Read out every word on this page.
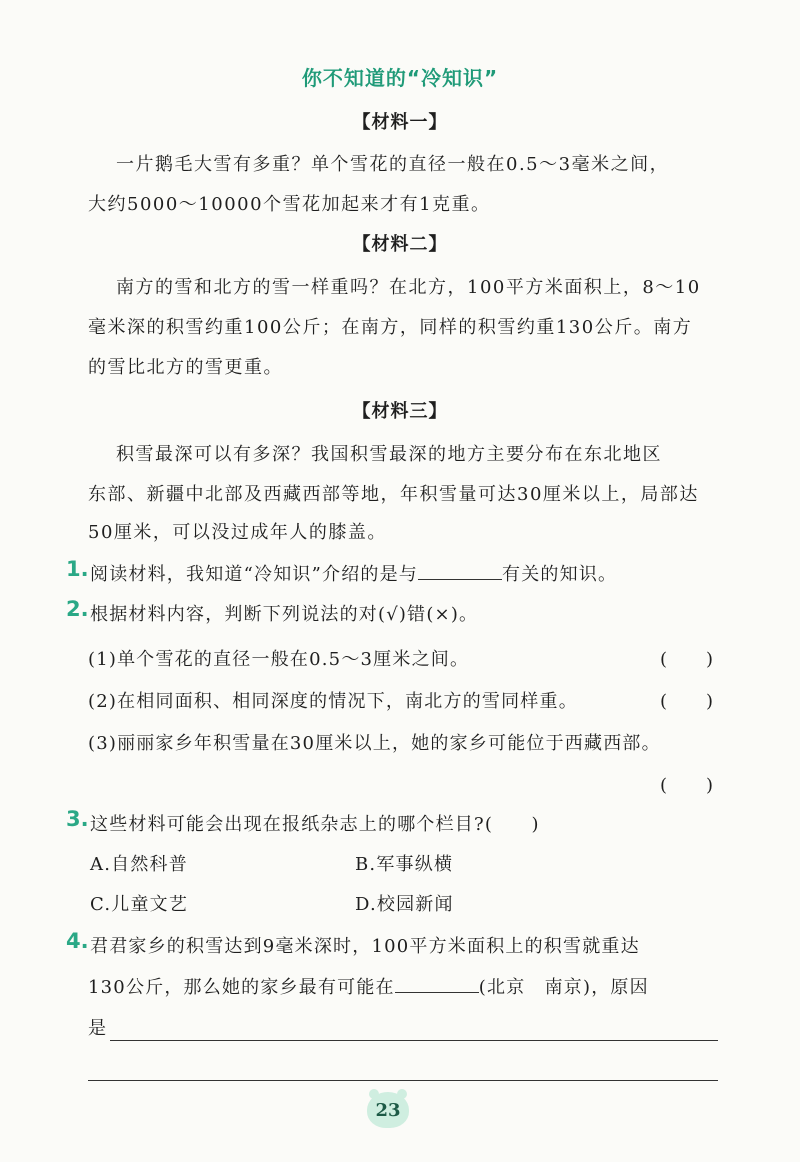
你不知道的“冷知识”
【材料一】
一片鹅毛大雪有多重？单个雪花的直径一般在0.5～3毫米之间，
大约5000～10000个雪花加起来才有1克重。
【材料二】
南方的雪和北方的雪一样重吗？在北方，100平方米面积上，8～10
毫米深的积雪约重100公斤；在南方，同样的积雪约重130公斤。南方
的雪比北方的雪更重。
【材料三】
积雪最深可以有多深？我国积雪最深的地方主要分布在东北地区
东部、新疆中北部及西藏西部等地，年积雪量可达30厘米以上，局部达
50厘米，可以没过成年人的膝盖。
1. 阅读材料，我知道“冷知识”介绍的是与	有关的知识。
2. 根据材料内容，判断下列说法的对(√)错(×)。
(1)单个雪花的直径一般在0.5～3厘米之间。	(　　)
(2)在相同面积、相同深度的情况下，南北方的雪同样重。	(　　)
(3)丽丽家乡年积雪量在30厘米以上，她的家乡可能位于西藏西部。
(　　)
3. 这些材料可能会出现在报纸杂志上的哪个栏目?(　　)
A.自然科普	B.军事纵横
C.儿童文艺	D.校园新闻
4. 君君家乡的积雪达到9毫米深时，100平方米面积上的积雪就重达
130公斤，那么她的家乡最有可能在	(北京　南京)，原因
是
23
